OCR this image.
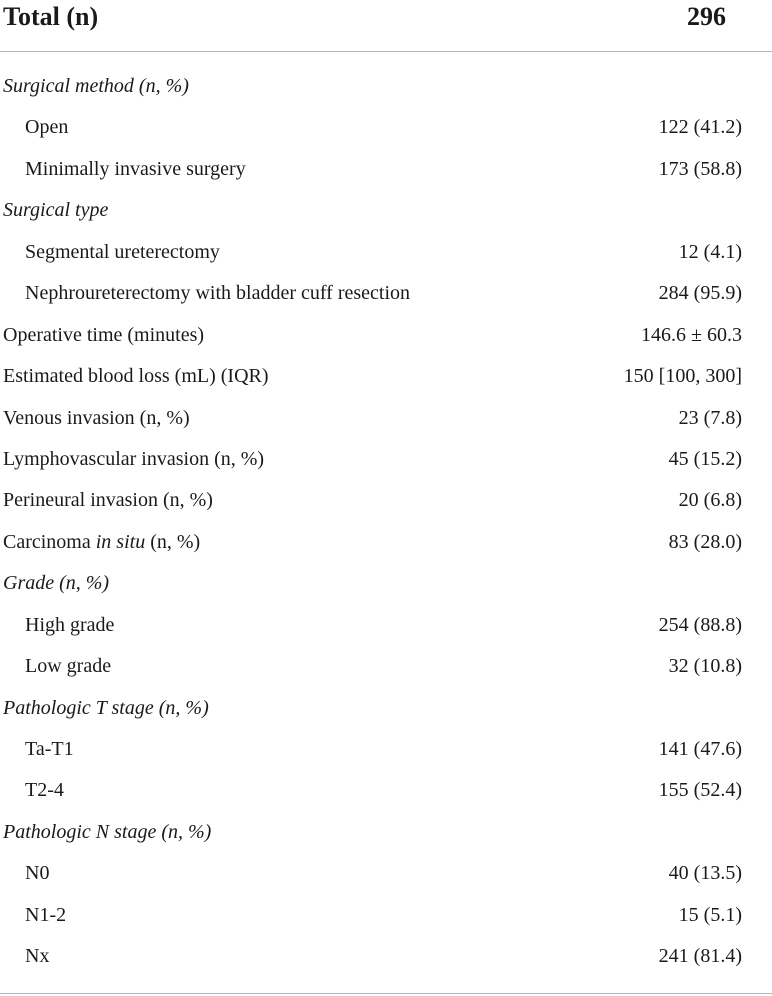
Total (n)	296
Surgical method (n, %)
Open	122 (41.2)
Minimally invasive surgery	173 (58.8)
Surgical type
Segmental ureterectomy	12 (4.1)
Nephroureterectomy with bladder cuff resection	284 (95.9)
Operative time (minutes)	146.6 ± 60.3
Estimated blood loss (mL) (IQR)	150 [100, 300]
Venous invasion (n, %)	23 (7.8)
Lymphovascular invasion (n, %)	45 (15.2)
Perineural invasion (n, %)	20 (6.8)
Carcinoma in situ (n, %)	83 (28.0)
Grade (n, %)
High grade	254 (88.8)
Low grade	32 (10.8)
Pathologic T stage (n, %)
Ta-T1	141 (47.6)
T2-4	155 (52.4)
Pathologic N stage (n, %)
N0	40 (13.5)
N1-2	15 (5.1)
Nx	241 (81.4)
